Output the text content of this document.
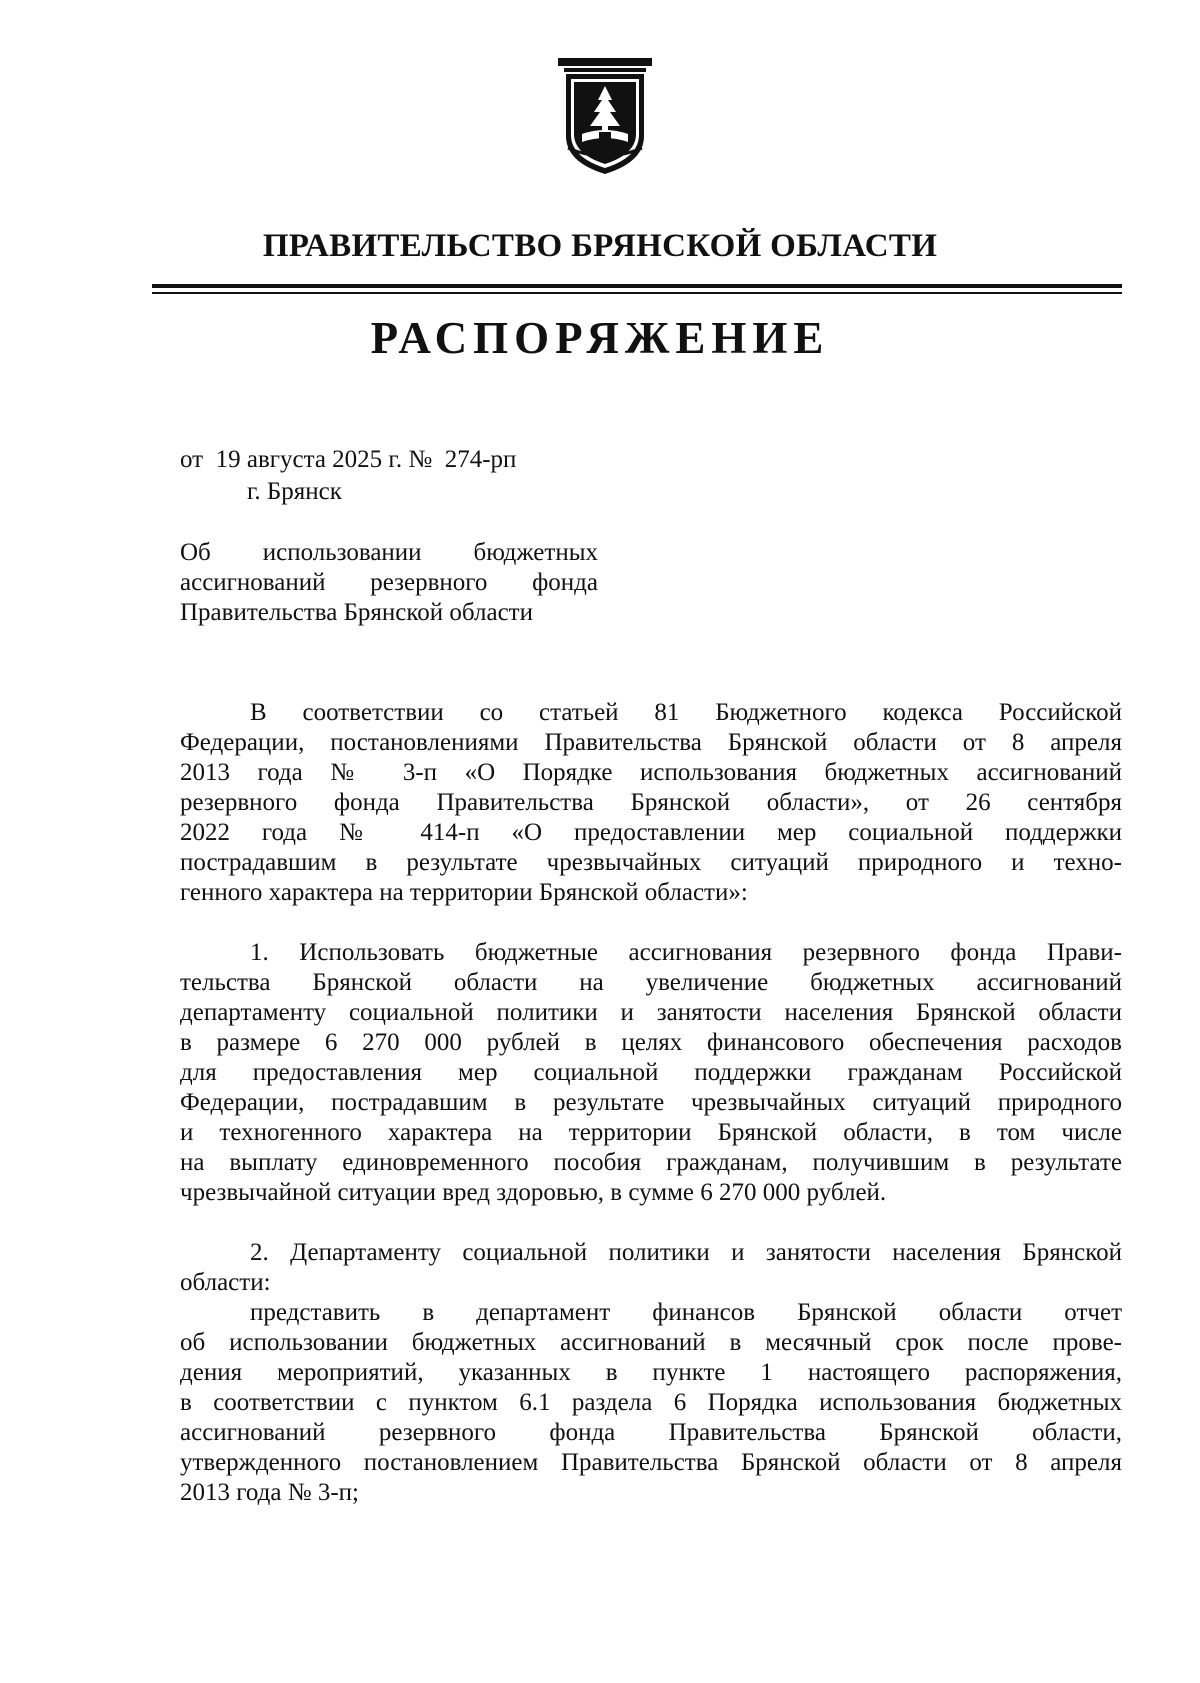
ПРАВИТЕЛЬСТВО БРЯНСКОЙ ОБЛАСТИ
РАСПОРЯЖЕНИЕ
от  19 августа 2025 г. №  274-рп
г. Брянск
Об использовании бюджетных
ассигнований резервного фонда
Правительства Брянской области
В соответствии со статьей 81 Бюджетного кодекса Российской
Федерации, постановлениями Правительства Брянской области от 8 апреля
2013 года № 3-п «О Порядке использования бюджетных ассигнований
резервного фонда Правительства Брянской области», от 26 сентября
2022 года № 414-п «О предоставлении мер социальной поддержки
пострадавшим в результате чрезвычайных ситуаций природного и техно-
генного характера на территории Брянской области»:
1. Использовать бюджетные ассигнования резервного фонда Прави-
тельства Брянской области на увеличение бюджетных ассигнований
департаменту социальной политики и занятости населения Брянской области
в размере 6 270 000 рублей в целях финансового обеспечения расходов
для предоставления мер социальной поддержки гражданам Российской
Федерации, пострадавшим в результате чрезвычайных ситуаций природного
и техногенного характера на территории Брянской области, в том числе
на выплату единовременного пособия гражданам, получившим в результате
чрезвычайной ситуации вред здоровью, в сумме 6 270 000 рублей.
2. Департаменту социальной политики и занятости населения Брянской
области:
представить в департамент финансов Брянской области отчет
об использовании бюджетных ассигнований в месячный срок после прове-
дения мероприятий, указанных в пункте 1 настоящего распоряжения,
в соответствии с пунктом 6.1 раздела 6 Порядка использования бюджетных
ассигнований резервного фонда Правительства Брянской области,
утвержденного постановлением Правительства Брянской области от 8 апреля
2013 года № 3-п;
